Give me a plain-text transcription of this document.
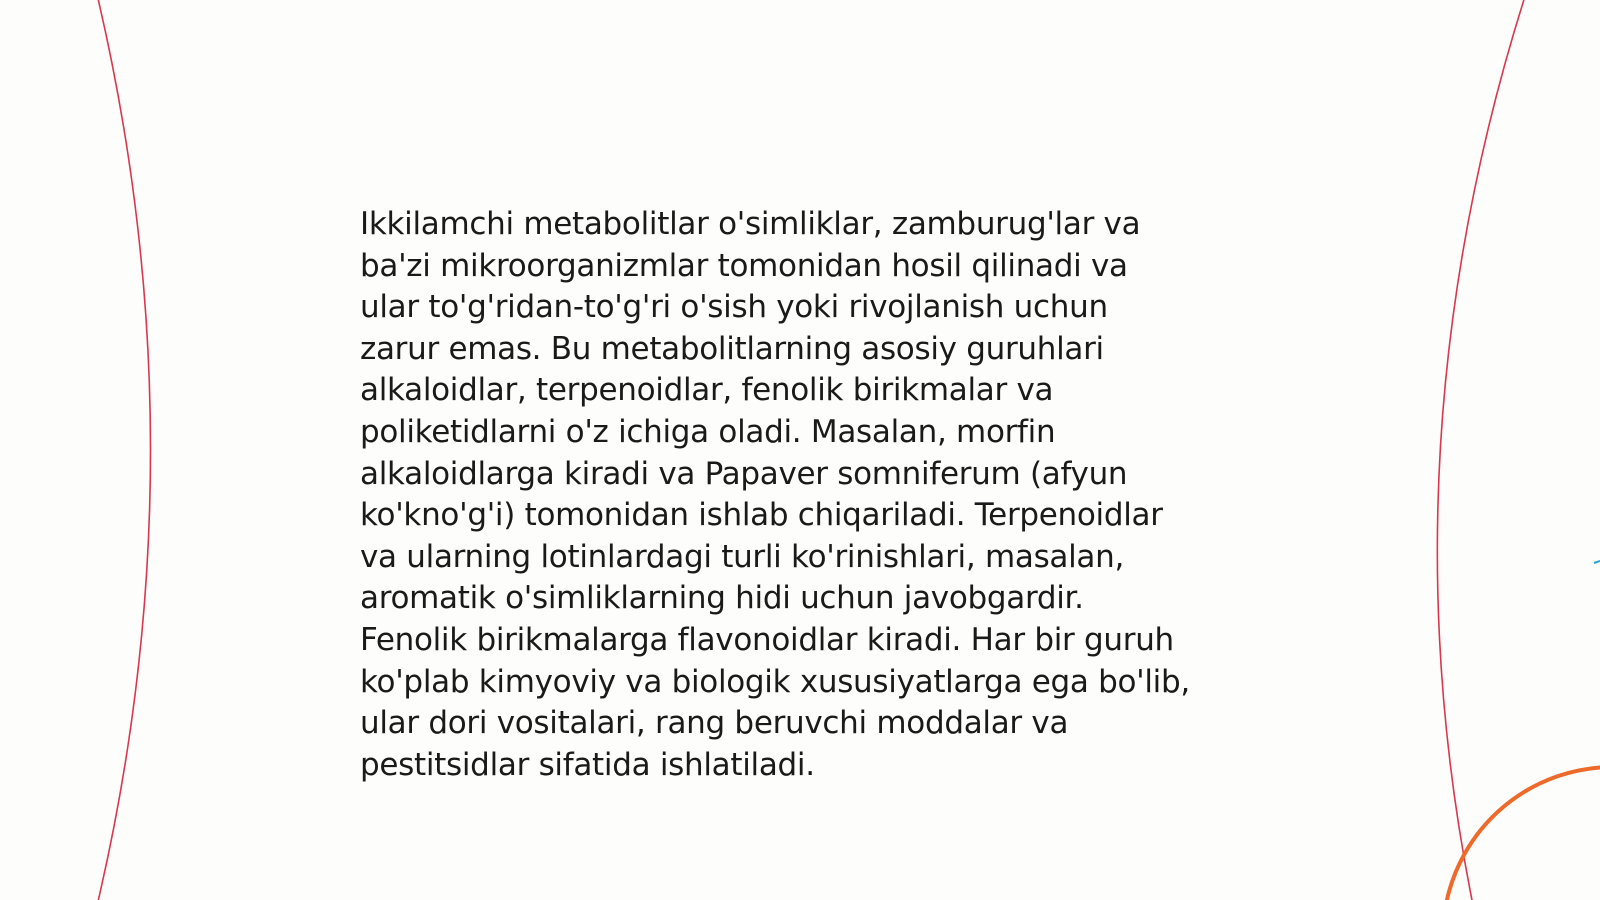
Ikkilamchi metabolitlar o'simliklar, zamburug'lar va
ba'zi mikroorganizmlar tomonidan hosil qilinadi va
ular to'g'ridan-to'g'ri o'sish yoki rivojlanish uchun
zarur emas. Bu metabolitlarning asosiy guruhlari
alkaloidlar, terpenoidlar, fenolik birikmalar va
poliketidlarni o'z ichiga oladi. Masalan, morfin
alkaloidlarga kiradi va Papaver somniferum (afyun
ko'kno'g'i) tomonidan ishlab chiqariladi. Terpenoidlar
va ularning lotinlardagi turli ko'rinishlari, masalan,
aromatik o'simliklarning hidi uchun javobgardir.
Fenolik birikmalarga flavonoidlar kiradi. Har bir guruh
ko'plab kimyoviy va biologik xususiyatlarga ega bo'lib,
ular dori vositalari, rang beruvchi moddalar va
pestitsidlar sifatida ishlatiladi.
